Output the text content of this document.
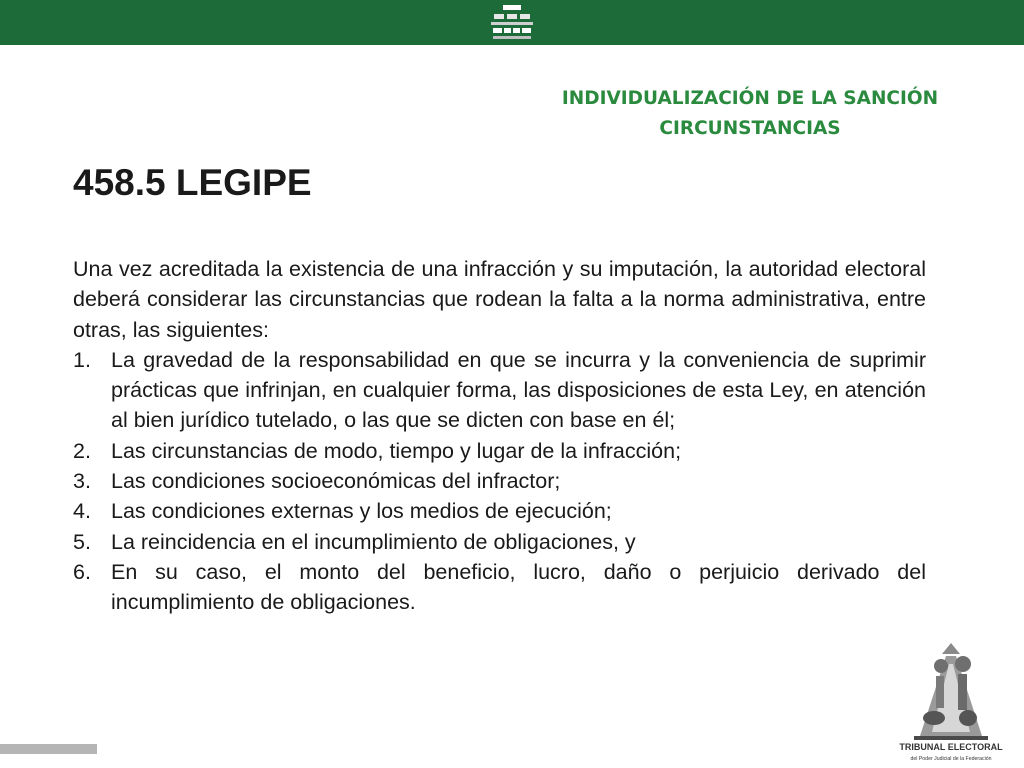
INDIVIDUALIZACIÓN DE LA SANCIÓN
CIRCUNSTANCIAS
458.5 LEGIPE

Una vez acreditada la existencia de una infracción y su imputación, la autoridad electoral deberá considerar las circunstancias que rodean la falta a la norma administrativa, entre otras, las siguientes:

1. La gravedad de la responsabilidad en que se incurra y la conveniencia de suprimir prácticas que infrinjan, en cualquier forma, las disposiciones de esta Ley, en atención al bien jurídico tutelado, o las que se dicten con base en él;
2. Las circunstancias de modo, tiempo y lugar de la infracción;
3. Las condiciones socioeconómicas del infractor;
4. Las condiciones externas y los medios de ejecución;
5. La reincidencia en el incumplimiento de obligaciones, y
6. En su caso, el monto del beneficio, lucro, daño o perjuicio derivado del incumplimiento de obligaciones.
TRIBUNAL ELECTORAL
del Poder Judicial de la Federación
